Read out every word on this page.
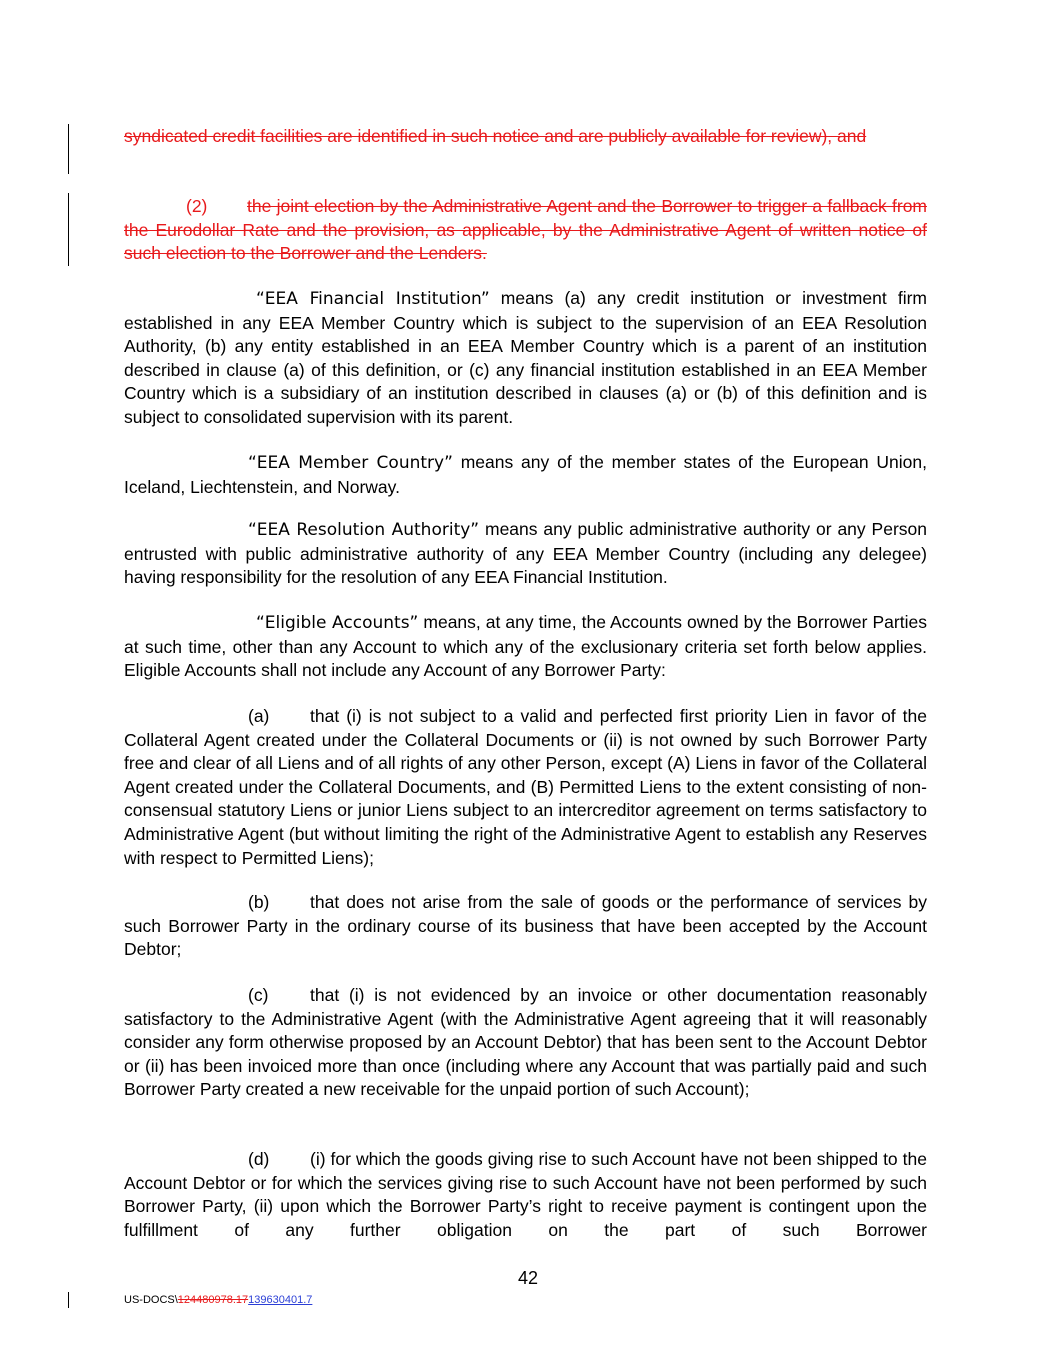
syndicated credit facilities are identified in such notice and are publicly available for review), and
(2) the joint election by the Administrative Agent and the Borrower to trigger a fallback from the Eurodollar Rate and the provision, as applicable, by the Administrative Agent of written notice of such election to the Borrower and the Lenders.
“EEA Financial Institution” means (a) any credit institution or investment firm established in any EEA Member Country which is subject to the supervision of an EEA Resolution Authority, (b) any entity established in an EEA Member Country which is a parent of an institution described in clause (a) of this definition, or (c) any financial institution established in an EEA Member Country which is a subsidiary of an institution described in clauses (a) or (b) of this definition and is subject to consolidated supervision with its parent.
“EEA Member Country” means any of the member states of the European Union, Iceland, Liechtenstein, and Norway.
“EEA Resolution Authority” means any public administrative authority or any Person entrusted with public administrative authority of any EEA Member Country (including any delegee) having responsibility for the resolution of any EEA Financial Institution.
“Eligible Accounts” means, at any time, the Accounts owned by the Borrower Parties at such time, other than any Account to which any of the exclusionary criteria set forth below applies. Eligible Accounts shall not include any Account of any Borrower Party:
(a) that (i) is not subject to a valid and perfected first priority Lien in favor of the Collateral Agent created under the Collateral Documents or (ii) is not owned by such Borrower Party free and clear of all Liens and of all rights of any other Person, except (A) Liens in favor of the Collateral Agent created under the Collateral Documents, and (B) Permitted Liens to the extent consisting of non-consensual statutory Liens or junior Liens subject to an intercreditor agreement on terms satisfactory to Administrative Agent (but without limiting the right of the Administrative Agent to establish any Reserves with respect to Permitted Liens);
(b) that does not arise from the sale of goods or the performance of services by such Borrower Party in the ordinary course of its business that have been accepted by the Account Debtor;
(c) that (i) is not evidenced by an invoice or other documentation reasonably satisfactory to the Administrative Agent (with the Administrative Agent agreeing that it will reasonably consider any form otherwise proposed by an Account Debtor) that has been sent to the Account Debtor or (ii) has been invoiced more than once (including where any Account that was partially paid and such Borrower Party created a new receivable for the unpaid portion of such Account);
(d) (i) for which the goods giving rise to such Account have not been shipped to the Account Debtor or for which the services giving rise to such Account have not been performed by such Borrower Party, (ii) upon which the Borrower Party’s right to receive payment is contingent upon the fulfillment of any further obligation on the part of such Borrower
42
US-DOCS\124480978.17139630401.7
